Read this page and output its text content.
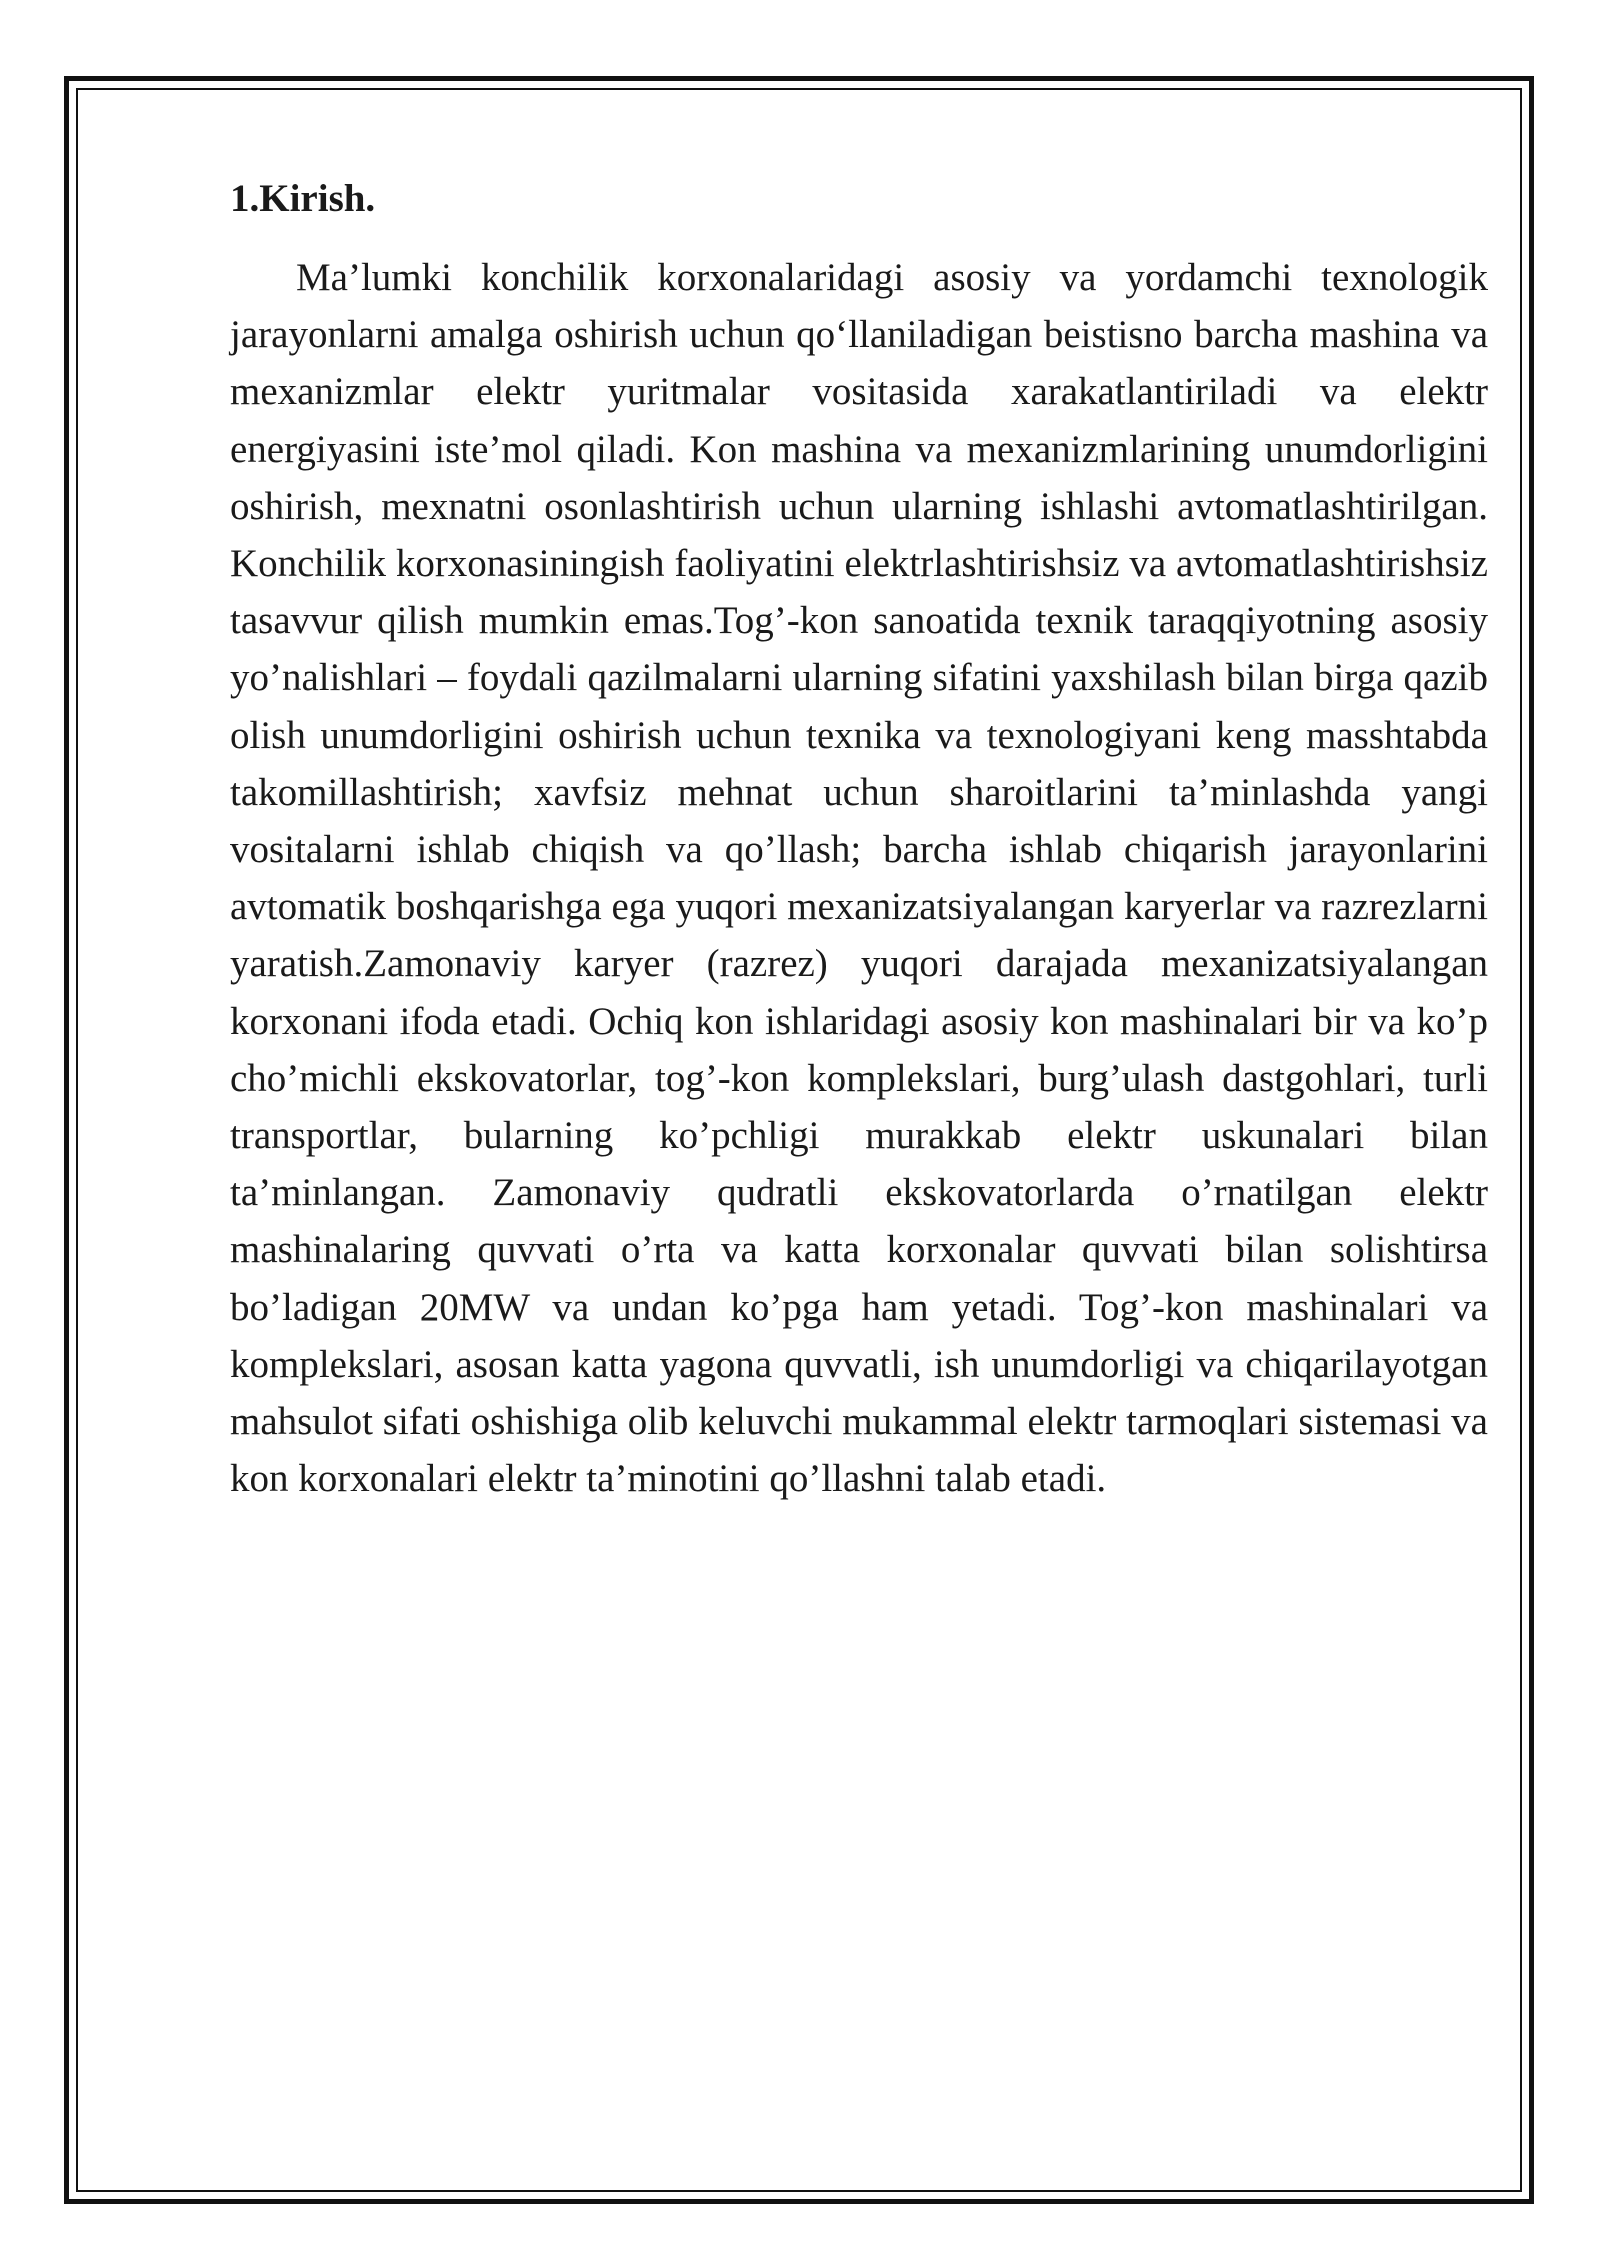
1.Kirish.

Ma’lumki konchilik korxonalaridagi asosiy va yordamchi texnologik jarayonlarni amalga oshirish uchun qo‘llaniladigan beistisno barcha mashina va mexanizmlar elektr yuritmalar vositasida xarakatlantiriladi va elektr energiyasini iste’mol qiladi. Kon mashina va mexanizmlarining unumdorligini oshirish, mexnatni osonlashtirish uchun ularning ishlashi avtomatlashtirilgan. Konchilik korxonasiningish faoliyatini elektrlashtirishsiz va avtomatlashtirishsiz tasavvur qilish mumkin emas.Tog’-kon sanoatida texnik taraqqiyotning asosiy yo’nalishlari – foydali qazilmalarni ularning sifatini yaxshilash bilan birga qazib olish unumdorligini oshirish uchun texnika va texnologiyani keng masshtabda takomillashtirish; xavfsiz mehnat uchun sharoitlarini ta’minlashda yangi vositalarni ishlab chiqish va qo’llash; barcha ishlab chiqarish jarayonlarini avtomatik boshqarishga ega yuqori mexanizatsiyalangan karyerlar va razrezlarni yaratish.Zamonaviy karyer (razrez) yuqori darajada mexanizatsiyalangan korxonani ifoda etadi. Ochiq kon ishlaridagi asosiy kon mashinalari bir va ko’p cho’michli ekskovatorlar, tog’-kon komplekslari, burg’ulash dastgohlari, turli transportlar, bularning ko’pchligi murakkab elektr uskunalari bilan ta’minlangan. Zamonaviy qudratli ekskovatorlarda o’rnatilgan elektr mashinalaring quvvati o’rta va katta korxonalar quvvati bilan solishtirsa bo’ladigan 20MW va undan ko’pga ham yetadi. Tog’-kon mashinalari va komplekslari, asosan katta yagona quvvatli, ish unumdorligi va chiqarilayotgan mahsulot sifati oshishiga olib keluvchi mukammal elektr tarmoqlari sistemasi va kon korxonalari elektr ta’minotini qo’llashni talab etadi.
